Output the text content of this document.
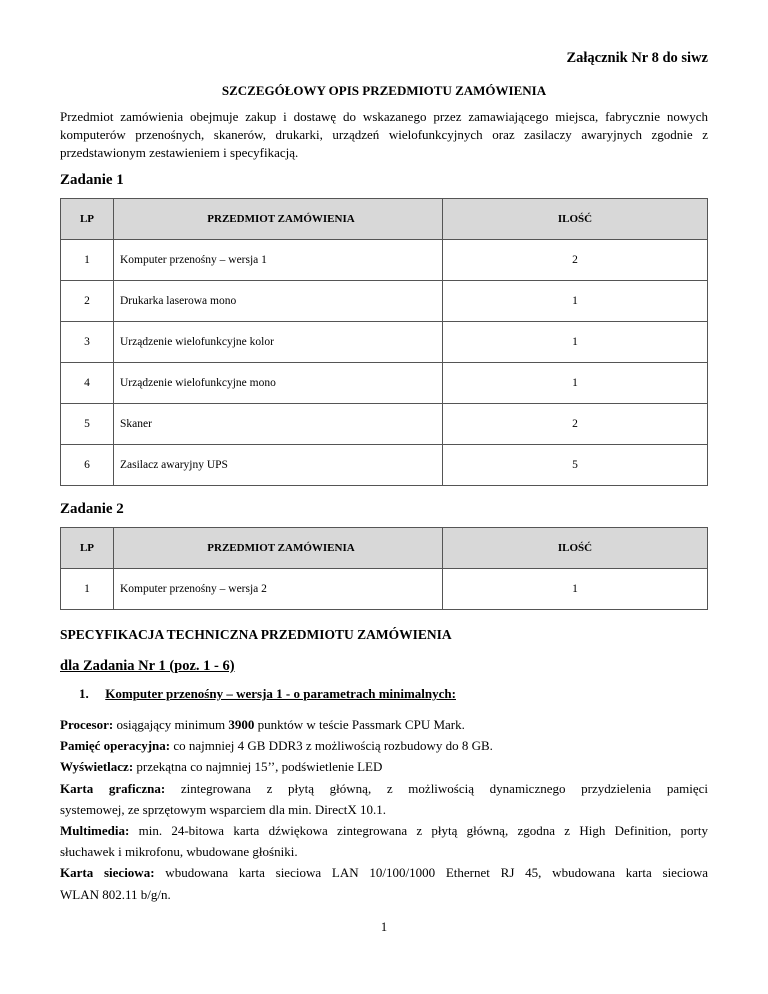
Załącznik Nr 8 do siwz
SZCZEGÓŁOWY OPIS PRZEDMIOTU ZAMÓWIENIA
Przedmiot zamówienia obejmuje zakup i dostawę do wskazanego przez zamawiającego miejsca, fabrycznie nowych komputerów przenośnych, skanerów, drukarki, urządzeń wielofunkcyjnych oraz zasilaczy awaryjnych zgodnie z przedstawionym zestawieniem i specyfikacją.
Zadanie 1
LP	PRZEDMIOT ZAMÓWIENIA	ILOŚĆ
1	Komputer przenośny – wersja 1	2
2	Drukarka laserowa mono	1
3	Urządzenie wielofunkcyjne kolor	1
4	Urządzenie wielofunkcyjne mono	1
5	Skaner	2
6	Zasilacz awaryjny UPS	5
Zadanie 2
LP	PRZEDMIOT ZAMÓWIENIA	ILOŚĆ
1	Komputer przenośny – wersja 2	1
SPECYFIKACJA TECHNICZNA PRZEDMIOTU ZAMÓWIENIA
dla Zadania Nr 1 (poz. 1 - 6)
1. Komputer przenośny – wersja 1 - o parametrach minimalnych:

Procesor: osiągający minimum 3900 punktów w teście Passmark CPU Mark.

Pamięć operacyjna: co najmniej 4 GB DDR3 z możliwością rozbudowy do 8 GB.

Wyświetlacz: przekątna co najmniej 15’’, podświetlenie LED

Karta graficzna: zintegrowana z płytą główną, z możliwością dynamicznego przydzielenia pamięci

systemowej, ze sprzętowym wsparciem dla min. DirectX 10.1.

Multimedia: min. 24-bitowa karta dźwiękowa zintegrowana z płytą główną, zgodna z High Definition, porty

słuchawek i mikrofonu, wbudowane głośniki.

Karta sieciowa: wbudowana karta sieciowa LAN 10/100/1000 Ethernet RJ 45, wbudowana karta sieciowa

WLAN 802.11 b/g/n.

1
